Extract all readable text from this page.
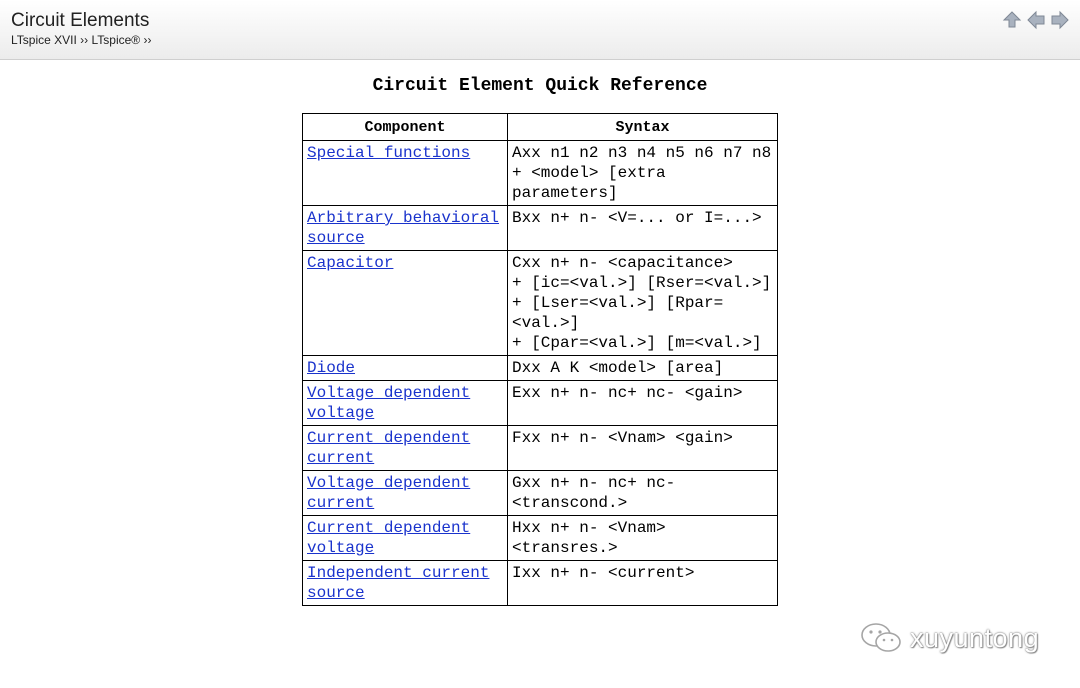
Circuit Elements
LTspice XVII ›› LTspice® ››
Circuit Element Quick Reference
Component	Syntax
Special functions	Axx n1 n2 n3 n4 n5 n6 n7 n8
+ <model> [extra parameters]

Arbitrary behavioral source	Bxx n+ n- <V=... or I=...>

Capacitor	Cxx n+ n- <capacitance>
+ [ic=<val.>] [Rser=<val.>]
+ [Lser=<val.>] [Rpar=<val.>]
+ [Cpar=<val.>] [m=<val.>]

Diode	Dxx A K <model> [area]

Voltage dependent voltage	Exx n+ n- nc+ nc- <gain>

Current dependent current	Fxx n+ n- <Vnam> <gain>

Voltage dependent current	Gxx n+ n- nc+ nc- <transcond.>

Current dependent voltage	Hxx n+ n- <Vnam> <transres.>

Independent current source	Ixx n+ n- <current>
xuyuntong
